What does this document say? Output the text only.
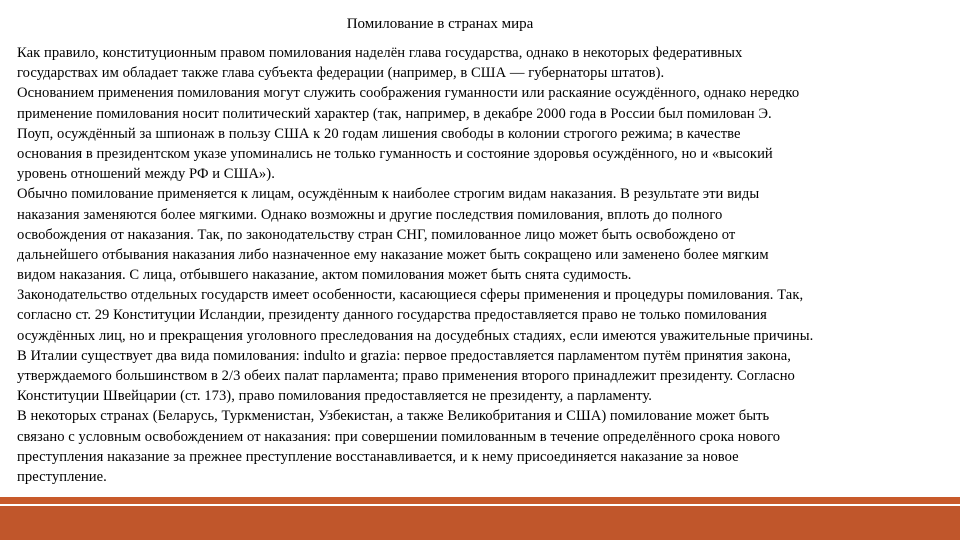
Помилование в странах мира
Как правило, конституционным правом помилования наделён глава государства, однако в некоторых федеративных
государствах им обладает также глава субъекта федерации (например, в США — губернаторы штатов).
Основанием применения помилования могут служить соображения гуманности или раскаяние осуждённого, однако нередко
применение помилования носит политический характер (так, например, в декабре 2000 года в России был помилован Э.
Поуп, осуждённый за шпионаж в пользу США к 20 годам лишения свободы в колонии строгого режима; в качестве
основания в президентском указе упоминались не только гуманность и состояние здоровья осуждённого, но и «высокий
уровень отношений между РФ и США»).
Обычно помилование применяется к лицам, осуждённым к наиболее строгим видам наказания. В результате эти виды
наказания заменяются более мягкими. Однако возможны и другие последствия помилования, вплоть до полного
освобождения от наказания. Так, по законодательству стран СНГ, помилованное лицо может быть освобождено от
дальнейшего отбывания наказания либо назначенное ему наказание может быть сокращено или заменено более мягким
видом наказания. С лица, отбывшего наказание, актом помилования может быть снята судимость.
Законодательство отдельных государств имеет особенности, касающиеся сферы применения и процедуры помилования. Так,
согласно ст. 29 Конституции Исландии, президенту данного государства предоставляется право не только помилования
осуждённых лиц, но и прекращения уголовного преследования на досудебных стадиях, если имеются уважительные причины.
В Италии существует два вида помилования: indulto и grazia: первое предоставляется парламентом путём принятия закона,
утверждаемого большинством в 2/3 обеих палат парламента; право применения второго принадлежит президенту. Согласно
Конституции Швейцарии (ст. 173), право помилования предоставляется не президенту, а парламенту.
В некоторых странах (Беларусь, Туркменистан, Узбекистан, а также Великобритания и США) помилование может быть
связано с условным освобождением от наказания: при совершении помилованным в течение определённого срока нового
преступления наказание за прежнее преступление восстанавливается, и к нему присоединяется наказание за новое
преступление.
